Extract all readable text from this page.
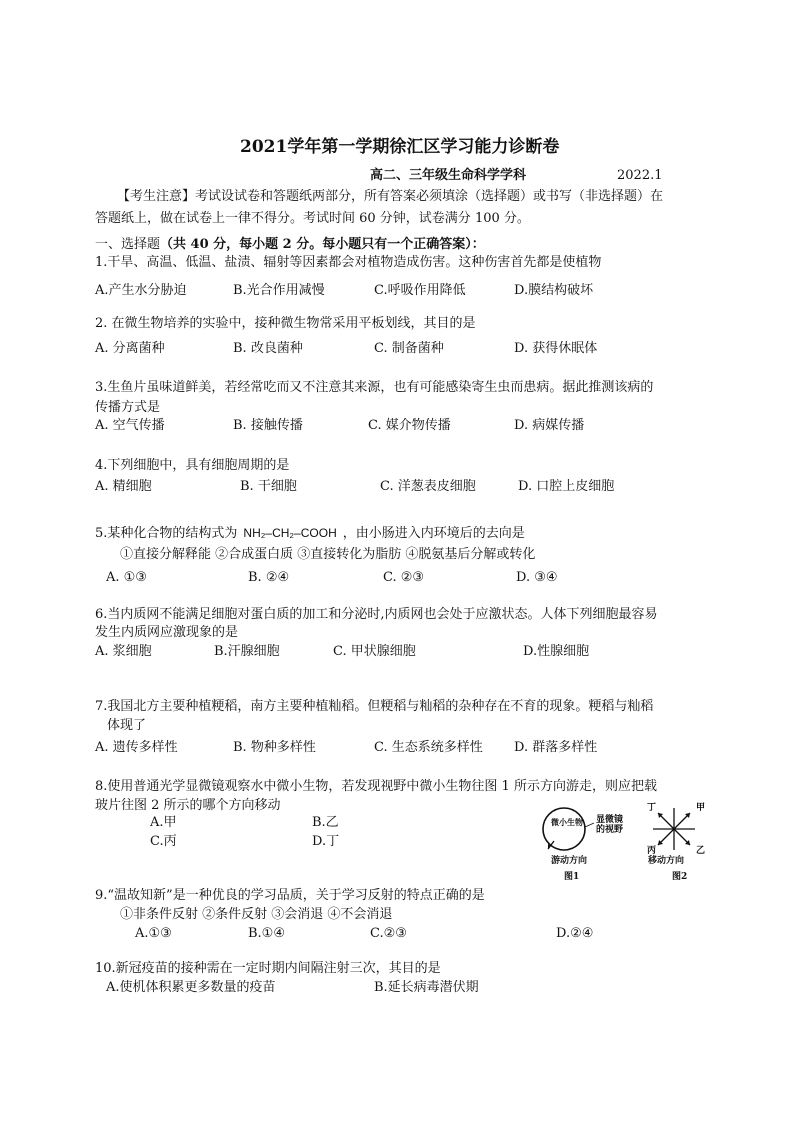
2021学年第一学期徐汇区学习能力诊断卷
高二、三年级生命科学学科	2022.1
【考生注意】考试设试卷和答题纸两部分，所有答案必须填涂（选择题）或书写（非选择题）在
答题纸上，做在试卷上一律不得分。考试时间 60 分钟，试卷满分 100 分。
一、选择题（共 40 分，每小题 2 分。每小题只有一个正确答案）：
1.干旱、高温、低温、盐渍、辐射等因素都会对植物造成伤害。这种伤害首先都是使植物
A.产生水分胁迫	B.光合作用减慢	C.呼吸作用降低	D.膜结构破坏
2. 在微生物培养的实验中，接种微生物常采用平板划线，其目的是
A. 分离菌种	B. 改良菌种	C. 制备菌种	D. 获得休眠体
3.生鱼片虽味道鲜美，若经常吃而又不注意其来源，也有可能感染寄生虫而患病。据此推测该病的
传播方式是
A. 空气传播	B. 接触传播	C. 媒介物传播	D. 病媒传播
4.下列细胞中，具有细胞周期的是
A. 精细胞	B. 干细胞	C. 洋葱表皮细胞	D. 口腔上皮细胞
5.某种化合物的结构式为 NH₂–CH₂–COOH ，由小肠进入内环境后的去向是
①直接分解释能 ②合成蛋白质 ③直接转化为脂肪 ④脱氨基后分解或转化
A. ①③	B. ②④	C. ②③	D. ③④
6.当内质网不能满足细胞对蛋白质的加工和分泌时,内质网也会处于应激状态。人体下列细胞最容易
发生内质网应激现象的是
A. 浆细胞	B.汗腺细胞	C. 甲状腺细胞	D.性腺细胞
7.我国北方主要种植粳稻，南方主要种植籼稻。但粳稻与籼稻的杂种存在不育的现象。粳稻与籼稻
体现了
A. 遗传多样性	B. 物种多样性	C. 生态系统多样性 D. 群落多样性
8.使用普通光学显微镜观察水中微小生物，若发现视野中微小生物往图 1 所示方向游走，则应把载
玻片往图 2 所示的哪个方向移动
A.甲	B.乙
C.丙	D.丁
微小生物 显微镜的视野
游动方向
图1
丁	甲
丙	乙
移动方向
图2
9.“温故知新”是一种优良的学习品质，关于学习反射的特点正确的是
①非条件反射 ②条件反射 ③会消退 ④不会消退
A.①③	B.①④	C.②③	D.②④
10.新冠疫苗的接种需在一定时期内间隔注射三次，其目的是
A.使机体积累更多数量的疫苗	B.延长病毒潜伏期
